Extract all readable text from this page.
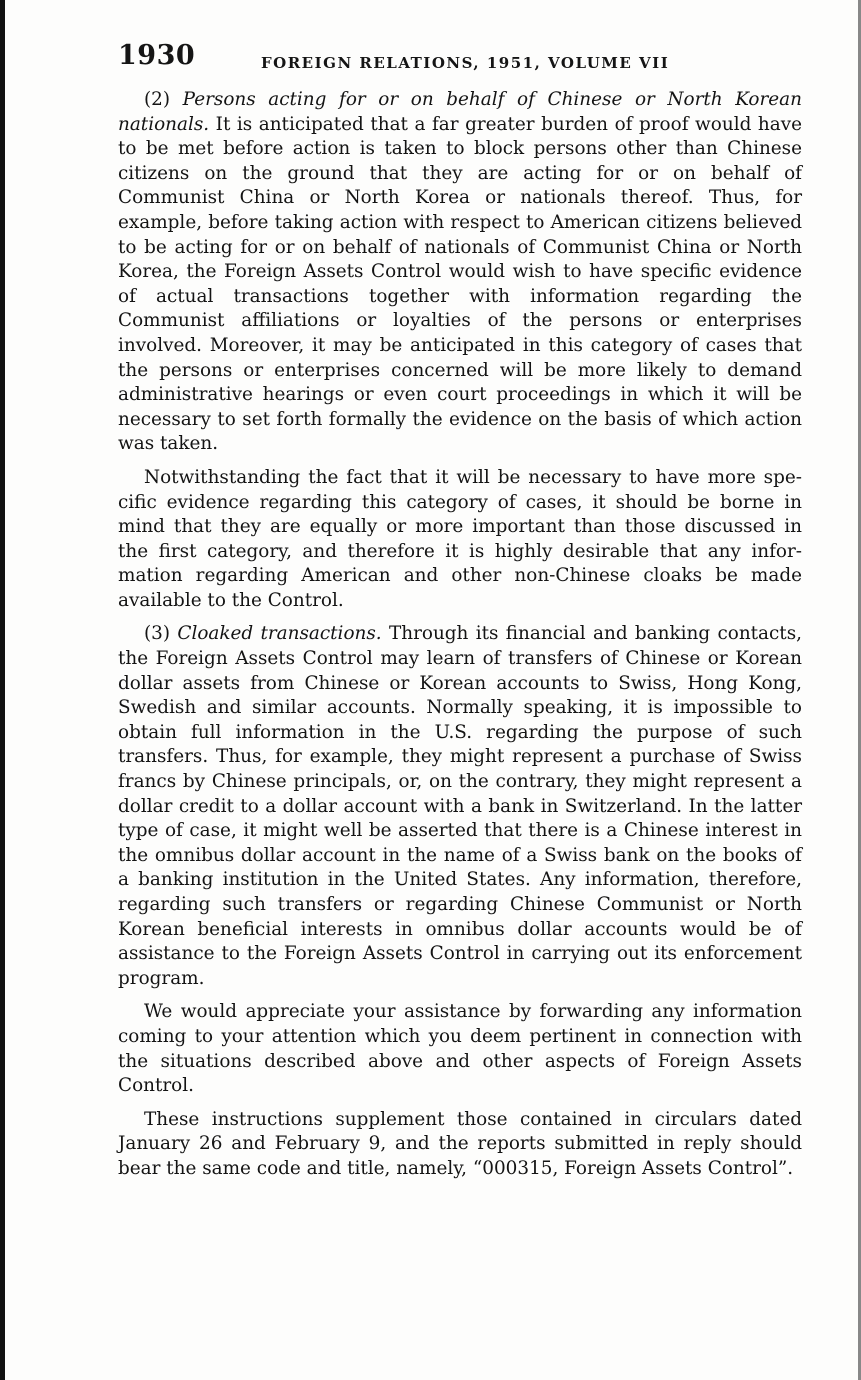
1930	FOREIGN RELATIONS, 1951, VOLUME VII

(2) Persons acting for or on behalf of Chinese or North Korean nationals. It is anticipated that a far greater burden of proof would have to be met before action is taken to block persons other than Chinese citizens on the ground that they are acting for or on behalf of Communist China or North Korea or nationals thereof. Thus, for example, before taking action with respect to American citizens believed to be acting for or on behalf of nationals of Communist China or North Korea, the Foreign Assets Control would wish to have specific evidence of actual transactions together with information regarding the Communist affiliations or loyalties of the persons or enterprises involved. Moreover, it may be anticipated in this category of cases that the persons or enterprises concerned will be more likely to demand administrative hearings or even court proceedings in which it will be necessary to set forth formally the evidence on the basis of which action was taken.

Notwithstanding the fact that it will be necessary to have more specific evidence regarding this category of cases, it should be borne in mind that they are equally or more important than those discussed in the first category, and therefore it is highly desirable that any information regarding American and other non-Chinese cloaks be made available to the Control.

(3) Cloaked transactions. Through its financial and banking contacts, the Foreign Assets Control may learn of transfers of Chinese or Korean dollar assets from Chinese or Korean accounts to Swiss, Hong Kong, Swedish and similar accounts. Normally speaking, it is impossible to obtain full information in the U.S. regarding the purpose of such transfers. Thus, for example, they might represent a purchase of Swiss francs by Chinese principals, or, on the contrary, they might represent a dollar credit to a dollar account with a bank in Switzerland. In the latter type of case, it might well be asserted that there is a Chinese interest in the omnibus dollar account in the name of a Swiss bank on the books of a banking institution in the United States. Any information, therefore, regarding such transfers or regarding Chinese Communist or North Korean beneficial interests in omnibus dollar accounts would be of assistance to the Foreign Assets Control in carrying out its enforcement program.

We would appreciate your assistance by forwarding any information coming to your attention which you deem pertinent in connection with the situations described above and other aspects of Foreign Assets Control.

These instructions supplement those contained in circulars dated January 26 and February 9, and the reports submitted in reply should bear the same code and title, namely, “000315, Foreign Assets Control”.
